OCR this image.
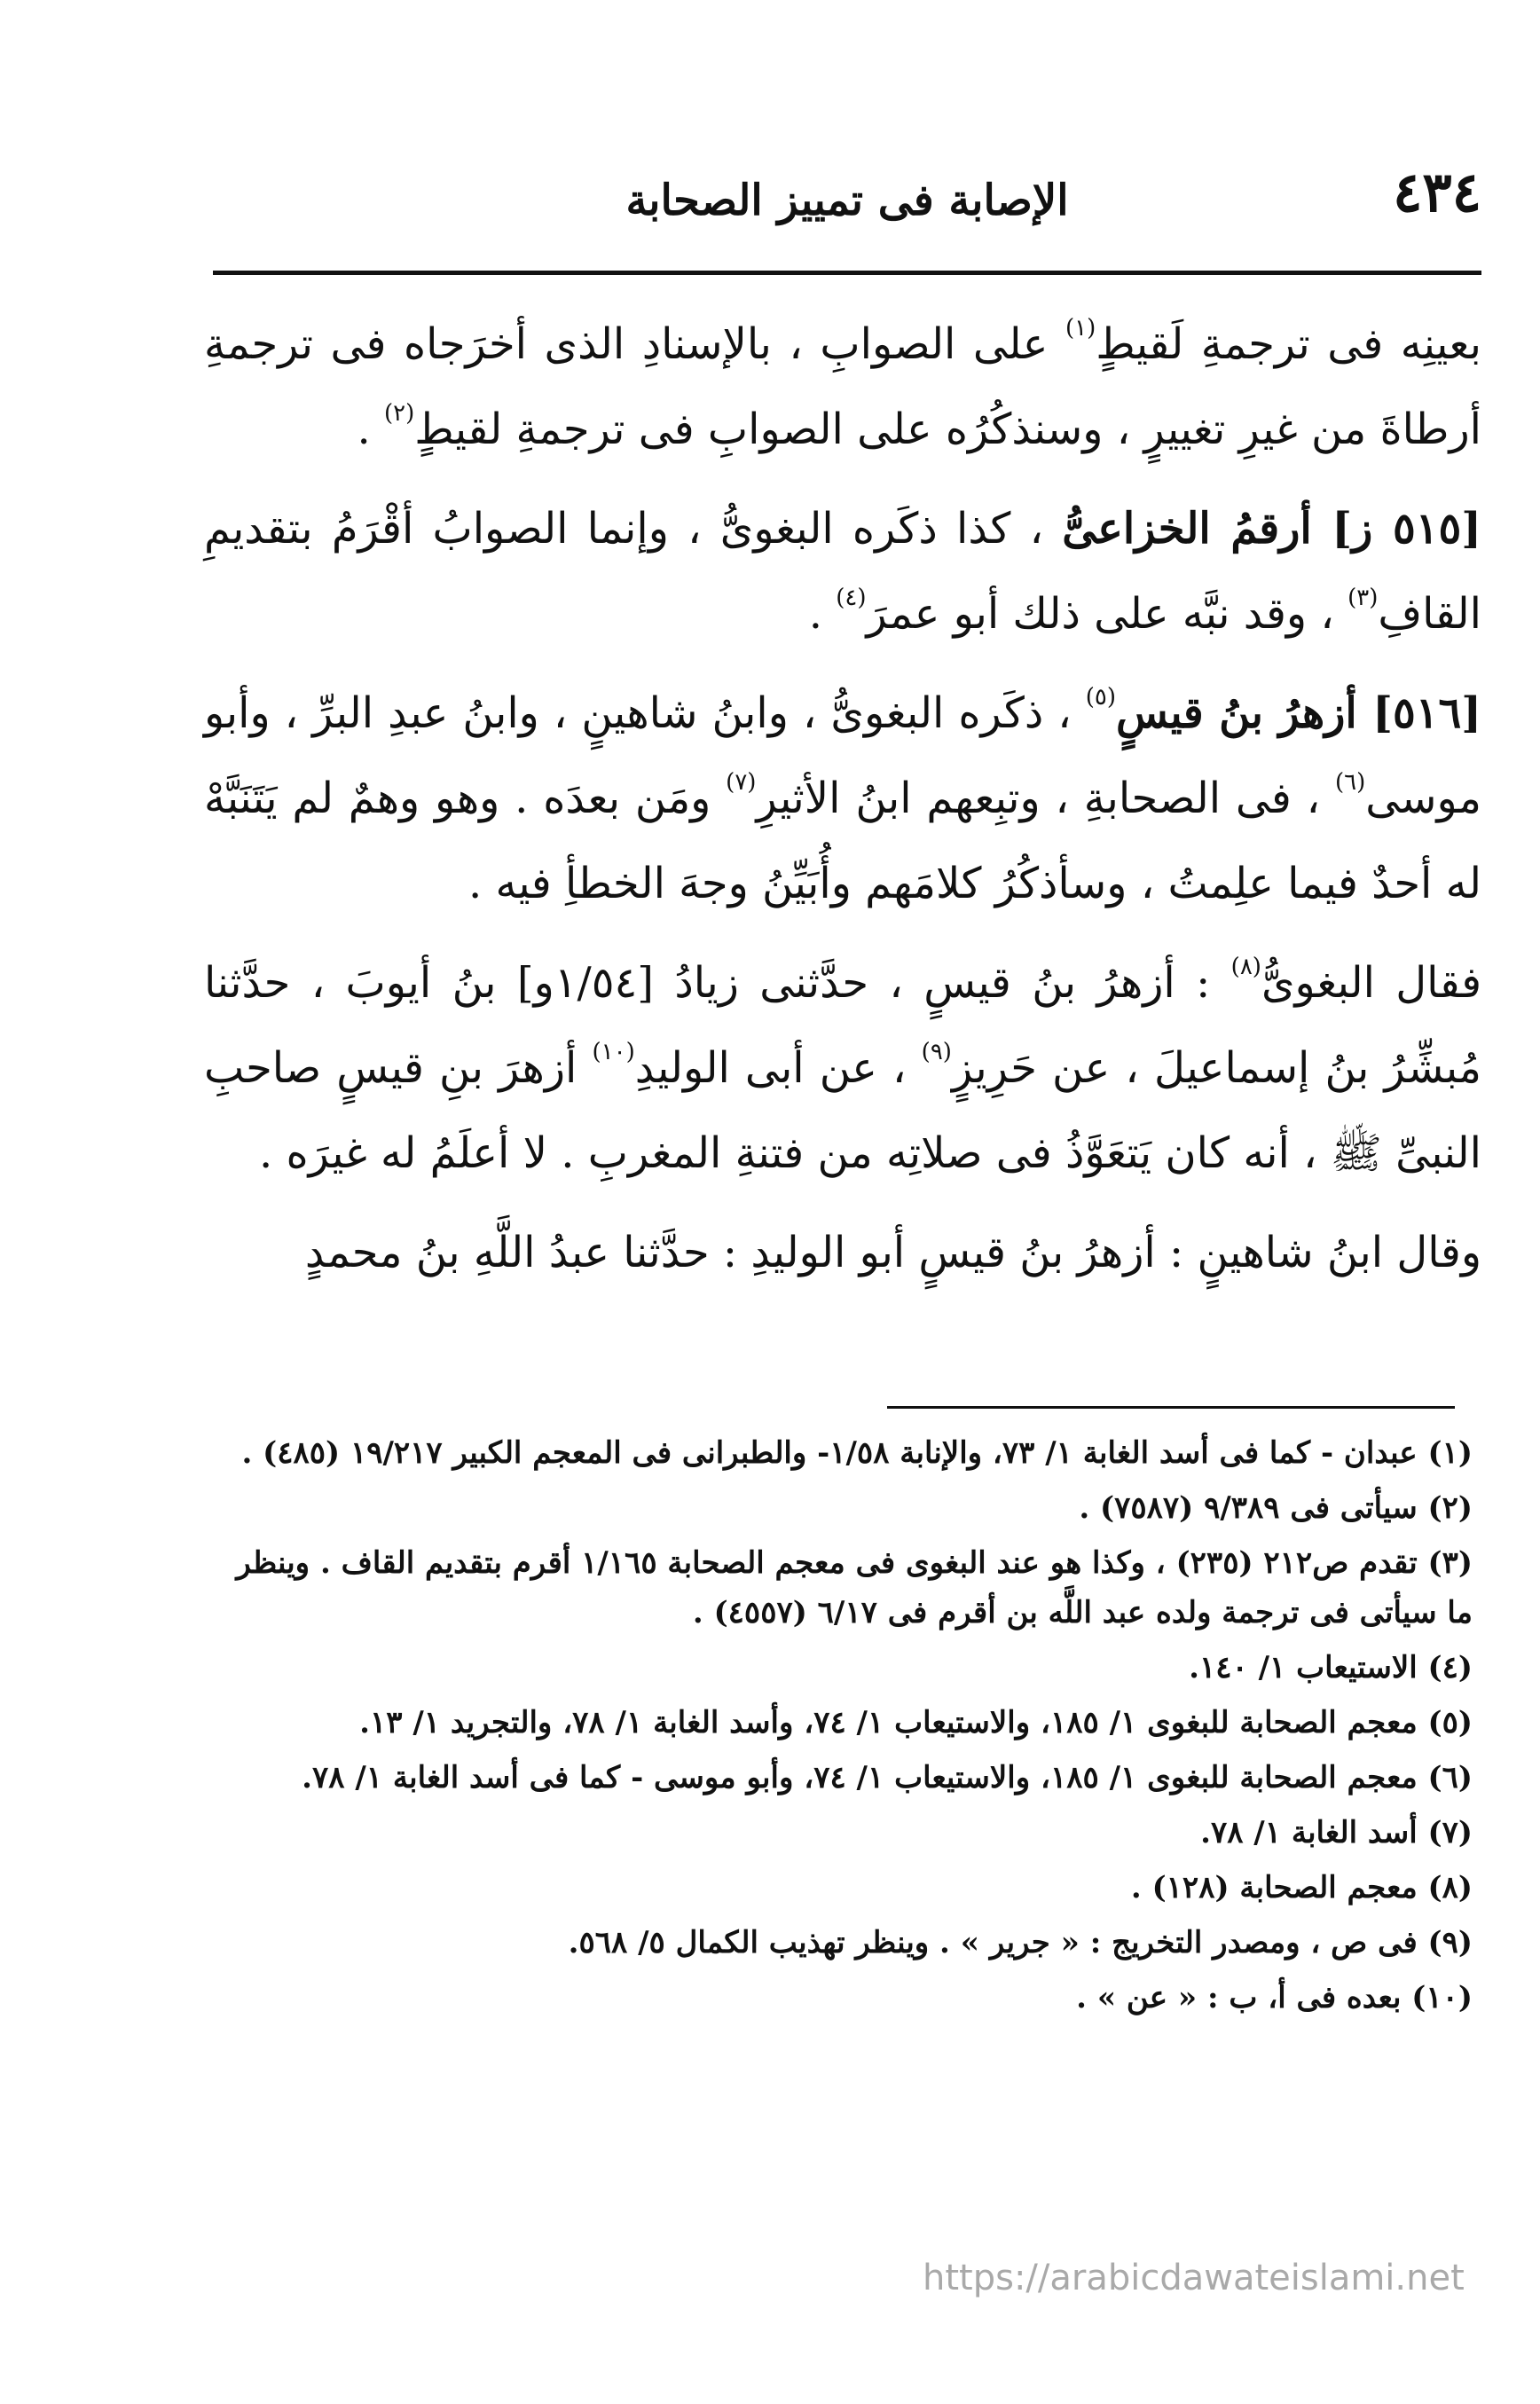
٤٣٤
الإصابة فى تمييز الصحابة

بعينِه فى ترجمةِ لَقيطٍ$^{(١)}$ على الصوابِ ، بالإسنادِ الذى أخرَجاه فى ترجمةِ أرطاةَ من غيرِ تغييرٍ ، وسنذكُرُه على الصوابِ فى ترجمةِ لقيطٍ$^{(٢)}$ .

[٥١٥ ز] أرقمُ الخزاعىُّ ، كذا ذكَره البغوىُّ ، وإنما الصوابُ أقْرَمُ بتقديمِ القافِ$^{(٣)}$ ، وقد نبَّه على ذلك أبو عمرَ$^{(٤)}$ .

[٥١٦] أزهرُ بنُ قيسٍ$^{(٥)}$ ، ذكَره البغوىُّ ، وابنُ شاهينٍ ، وابنُ عبدِ البرِّ ، وأبو موسى$^{(٦)}$ ، فى الصحابةِ ، وتبِعهم ابنُ الأثيرِ$^{(٧)}$ ومَن بعدَه . وهو وهمٌ لم يَتَنَبَّهْ له أحدٌ فيما علِمتُ ، وسأذكُرُ كلامَهم وأُبَيِّنُ وجهَ الخطأِ فيه .

فقال البغوىُّ$^{(٨)}$ : أزهرُ بنُ قيسٍ ، حدَّثنى زيادُ [١/٥٤و] بنُ أيوبَ ، حدَّثنا مُبشِّرُ بنُ إسماعيلَ ، عن حَرِيزٍ$^{(٩)}$ ، عن أبى الوليدِ$^{(١٠)}$ أزهرَ بنِ قيسٍ صاحبِ النبىِّ ﷺ ، أنه كان يَتعَوَّذُ فى صلاتِه من فتنةِ المغربِ . لا أعلَمُ له غيرَه .

وقال ابنُ شاهينٍ : أزهرُ بنُ قيسٍ أبو الوليدِ : حدَّثنا عبدُ اللَّهِ بنُ محمدٍ

(١) عبدان - كما فى أسد الغابة ١/ ٧٣، والإنابة ١/٥٨- والطبرانى فى المعجم الكبير ١٩/٢١٧ (٤٨٥) .
(٢) سيأتى فى ٩/٣٨٩ (٧٥٨٧) .
(٣) تقدم ص٢١٢ (٢٣٥) ، وكذا هو عند البغوى فى معجم الصحابة ١/١٦٥ أقرم بتقديم القاف . وينظر ما سيأتى فى ترجمة ولده عبد اللَّه بن أقرم فى ٦/١٧ (٤٥٥٧) .
(٤) الاستيعاب ١/ ١٤٠.
(٥) معجم الصحابة للبغوى ١/ ١٨٥، والاستيعاب ١/ ٧٤، وأسد الغابة ١/ ٧٨، والتجريد ١/ ١٣.
(٦) معجم الصحابة للبغوى ١/ ١٨٥، والاستيعاب ١/ ٧٤، وأبو موسى - كما فى أسد الغابة ١/ ٧٨.
(٧) أسد الغابة ١/ ٧٨.
(٨) معجم الصحابة (١٢٨) .
(٩) فى ص ، ومصدر التخريج : « جرير » . وينظر تهذيب الكمال ٥/ ٥٦٨.
(١٠) بعده فى أ، ب : « عن » .
https://arabicdawateislami.net
